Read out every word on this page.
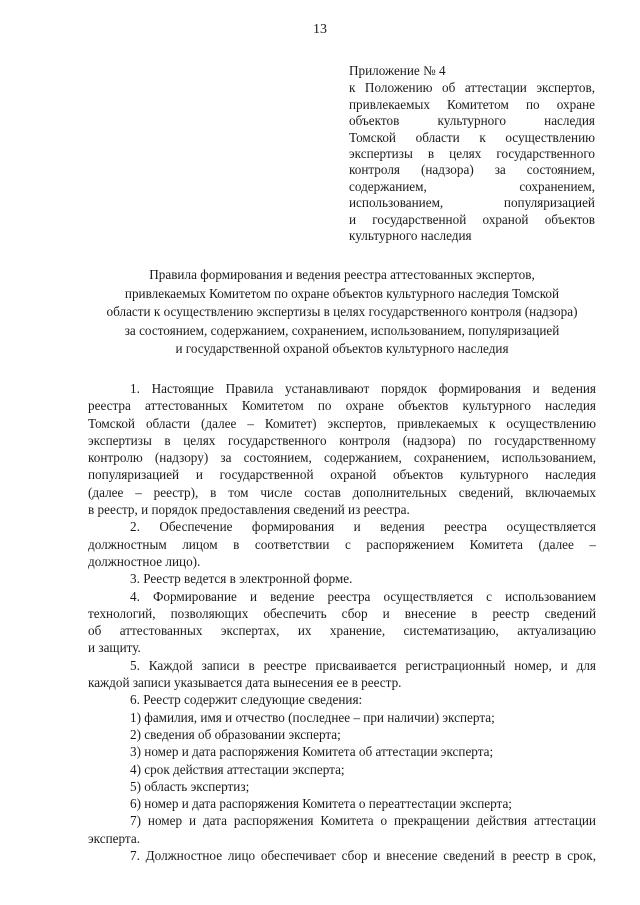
13
Приложение № 4
к Положению об аттестации экспертов,
привлекаемых Комитетом по охране
объектов культурного наследия
Томской области к осуществлению
экспертизы в целях государственного
контроля (надзора) за состоянием,
содержанием, сохранением,
использованием, популяризацией
и государственной охраной объектов
культурного наследия
Правила формирования и ведения реестра аттестованных экспертов,
привлекаемых Комитетом по охране объектов культурного наследия Томской
области к осуществлению экспертизы в целях государственного контроля (надзора)
за состоянием, содержанием, сохранением, использованием, популяризацией
и государственной охраной объектов культурного наследия
1. Настоящие Правила устанавливают порядок формирования и ведения
реестра аттестованных Комитетом по охране объектов культурного наследия
Томской области (далее – Комитет) экспертов, привлекаемых к осуществлению
экспертизы в целях государственного контроля (надзора) по государственному
контролю (надзору) за состоянием, содержанием, сохранением, использованием,
популяризацией и государственной охраной объектов культурного наследия
(далее – реестр), в том числе состав дополнительных сведений, включаемых
в реестр, и порядок предоставления сведений из реестра.
2. Обеспечение формирования и ведения реестра осуществляется
должностным лицом в соответствии с распоряжением Комитета (далее –
должностное лицо).
3. Реестр ведется в электронной форме.
4. Формирование и ведение реестра осуществляется с использованием
технологий, позволяющих обеспечить сбор и внесение в реестр сведений
об аттестованных экспертах, их хранение, систематизацию, актуализацию
и защиту.
5. Каждой записи в реестре присваивается регистрационный номер, и для
каждой записи указывается дата вынесения ее в реестр.
6. Реестр содержит следующие сведения:
1) фамилия, имя и отчество (последнее – при наличии) эксперта;
2) сведения об образовании эксперта;
3) номер и дата распоряжения Комитета об аттестации эксперта;
4) срок действия аттестации эксперта;
5) область экспертиз;
6) номер и дата распоряжения Комитета о переаттестации эксперта;
7) номер и дата распоряжения Комитета о прекращении действия аттестации
эксперта.
7. Должностное лицо обеспечивает сбор и внесение сведений в реестр в срок,
